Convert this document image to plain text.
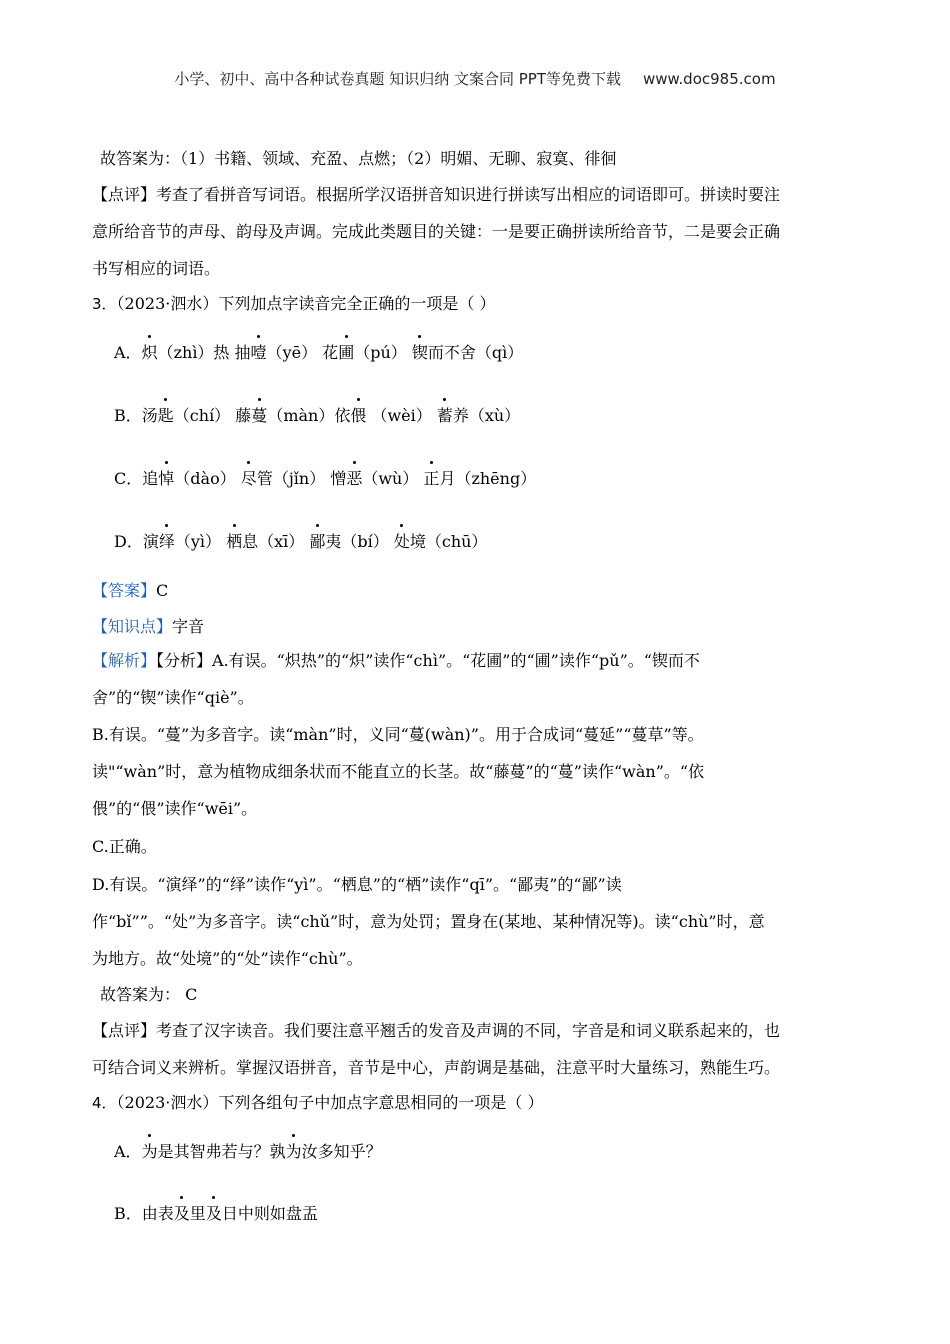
小学、初中、高中各种试卷真题 知识归纳 文案合同 PPT等免费下载 www.doc985.com
故答案为：（1）书籍、领域、充盈、点燃；（2）明媚、无聊、寂寞、徘徊
【点评】考查了看拼音写词语。根据所学汉语拼音知识进行拼读写出相应的词语即可。拼读时要注
意所给音节的声母、韵母及声调。完成此类题目的关键：一是要正确拼读所给音节，二是要会正确
书写相应的词语。
3．（2023·泗水）下列加点字读音完全正确的一项是（ ）
A．炽（zhì）热 抽噎（yē） 花圃（pú） 锲而不舍（qì）
B．汤匙（chí） 藤蔓（màn）依偎 （wèi） 蓄养（xù）
C．追悼（dào） 尽管（jǐn） 憎恶（wù） 正月（zhēng）
D．演绎（yì） 栖息（xī） 鄙夷（bí） 处境（chū）
【答案】C
【知识点】字音
【解析】【分析】A.有误。“炽热”的“炽”读作“chì”。“花圃”的“圃”读作“pǔ”。“锲而不
舍”的“锲”读作“qiè”。
B.有误。“蔓”为多音字。读“màn”时，义同“蔓(wàn)”。用于合成词“蔓延”“蔓草”等。
读"“wàn”时，意为植物成细条状而不能直立的长茎。故“藤蔓”的“蔓”读作“wàn”。“依
偎”的“偎”读作“wēi”。
C.正确。
D.有误。“演绎”的“绎”读作“yì”。“栖息”的“栖”读作“qī”。“鄙夷”的“鄙”读
作“bǐ””。“处”为多音字。读“chǔ”时，意为处罚；置身在(某地、某种情况等)。读“chù”时，意
为地方。故“处境”的“处”读作“chù”。
故答案为： C
【点评】考查了汉字读音。我们要注意平翘舌的发音及声调的不同，字音是和词义联系起来的，也
可结合词义来辨析。掌握汉语拼音，音节是中心，声韵调是基础，注意平时大量练习，熟能生巧。
4．（2023·泗水）下列各组句子中加点字意思相同的一项是（ ）
A．为是其智弗若与？孰为汝多知乎？
B．由表及里及日中则如盘盂
